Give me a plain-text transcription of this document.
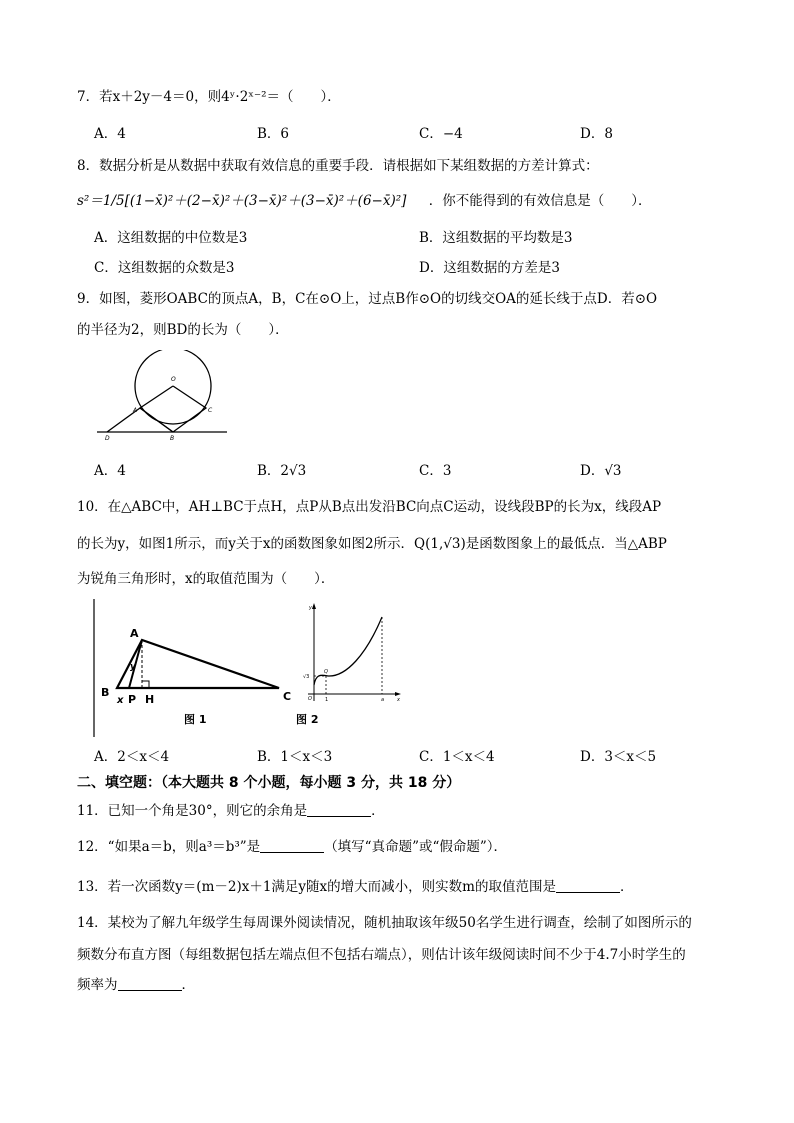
7．若x＋2y－4＝0，则4ʸ·2ˣ⁻²＝（　　）．
A．4	B．6	C．−4	D．8
8．数据分析是从数据中获取有效信息的重要手段．请根据如下某组数据的方差计算式：
s²＝1/5[(1−x̄)²＋(2−x̄)²＋(3−x̄)²＋(3−x̄)²＋(6−x̄)²] ．你不能得到的有效信息是（　　）．
A．这组数据的中位数是3	B．这组数据的平均数是3
C．这组数据的众数是3	D．这组数据的方差是3
9．如图，菱形OABC的顶点A，B，C在⊙O上，过点B作⊙O的切线交OA的延长线于点D．若⊙O
的半径为2，则BD的长为（　　）．
O
A	C
B
D
A．4	B．2√3	C．3	D．√3
10．在△ABC中，AH⊥BC于点H，点P从B点出发沿BC向点C运动，设线段BP的长为x，线段AP
的长为y，如图1所示，而y关于x的函数图象如图2所示．Q(1,√3)是函数图象上的最低点．当△ABP
为锐角三角形时，x的取值范围为（　　）．
A
B	C
x P H
y
图 1
y
x
Q
O
√3
1	a
图 2
A．2＜x＜4	B．1＜x＜3	C．1＜x＜4	D．3＜x＜5
二、填空题：（本大题共 8 个小题，每小题 3 分，共 18 分）
11．已知一个角是30°，则它的余角是	．
12．“如果a＝b，则a³＝b³”是	（填写“真命题”或“假命题”）．
13．若一次函数y＝(m－2)x＋1满足y随x的增大而减小，则实数m的取值范围是	．
14．某校为了解九年级学生每周课外阅读情况，随机抽取该年级50名学生进行调查，绘制了如图所示的
频数分布直方图（每组数据包括左端点但不包括右端点），则估计该年级阅读时间不少于4.7小时学生的
频率为	．
